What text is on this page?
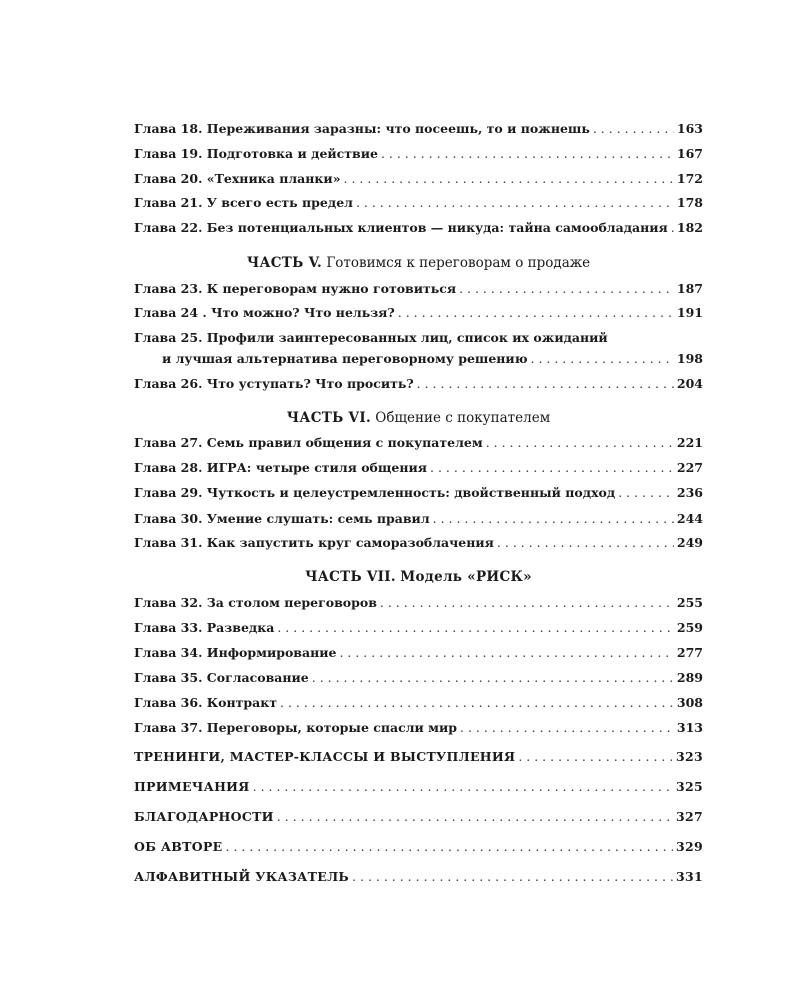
Глава 18. Переживания заразны: что посеешь, то и пожнешь . . .	163
Глава 19. Подготовка и действие . . .	167
Глава 20. «Техника планки» . . .	172
Глава 21. У всего есть предел . . .	178
Глава 22. Без потенциальных клиентов — никуда: тайна самообладания . . . 182
ЧАСТЬ V. Готовимся к переговорам о продаже
Глава 23. К переговорам нужно готовиться . . .	187
Глава 24 . Что можно? Что нельзя? . . .	191
Глава 25. Профили заинтересованных лиц, список их ожиданий
и лучшая альтернатива переговорному решению . . .	198
Глава 26. Что уступать? Что просить? . . .	204
ЧАСТЬ VI. Общение с покупателем
Глава 27. Семь правил общения с покупателем . . .	221
Глава 28. ИГРА: четыре стиля общения . . .	227
Глава 29. Чуткость и целеустремленность: двойственный подход . . .	236
Глава 30. Умение слушать: семь правил . . .	244
Глава 31. Как запустить круг саморазоблачения . . .	249
ЧАСТЬ VII. Модель «РИСК»
Глава 32. За столом переговоров . . .	255
Глава 33. Разведка . . .	259
Глава 34. Информирование . . .	277
Глава 35. Согласование . . .	289
Глава 36. Контракт . . .	308
Глава 37. Переговоры, которые спасли мир . . .	313
ТРЕНИНГИ, МАСТЕР-КЛАССЫ И ВЫСТУПЛЕНИЯ . . .	323
ПРИМЕЧАНИЯ . . .	325
БЛАГОДАРНОСТИ . . .	327
ОБ АВТОРЕ . . .	329
АЛФАВИТНЫЙ УКАЗАТЕЛЬ . . .	331
